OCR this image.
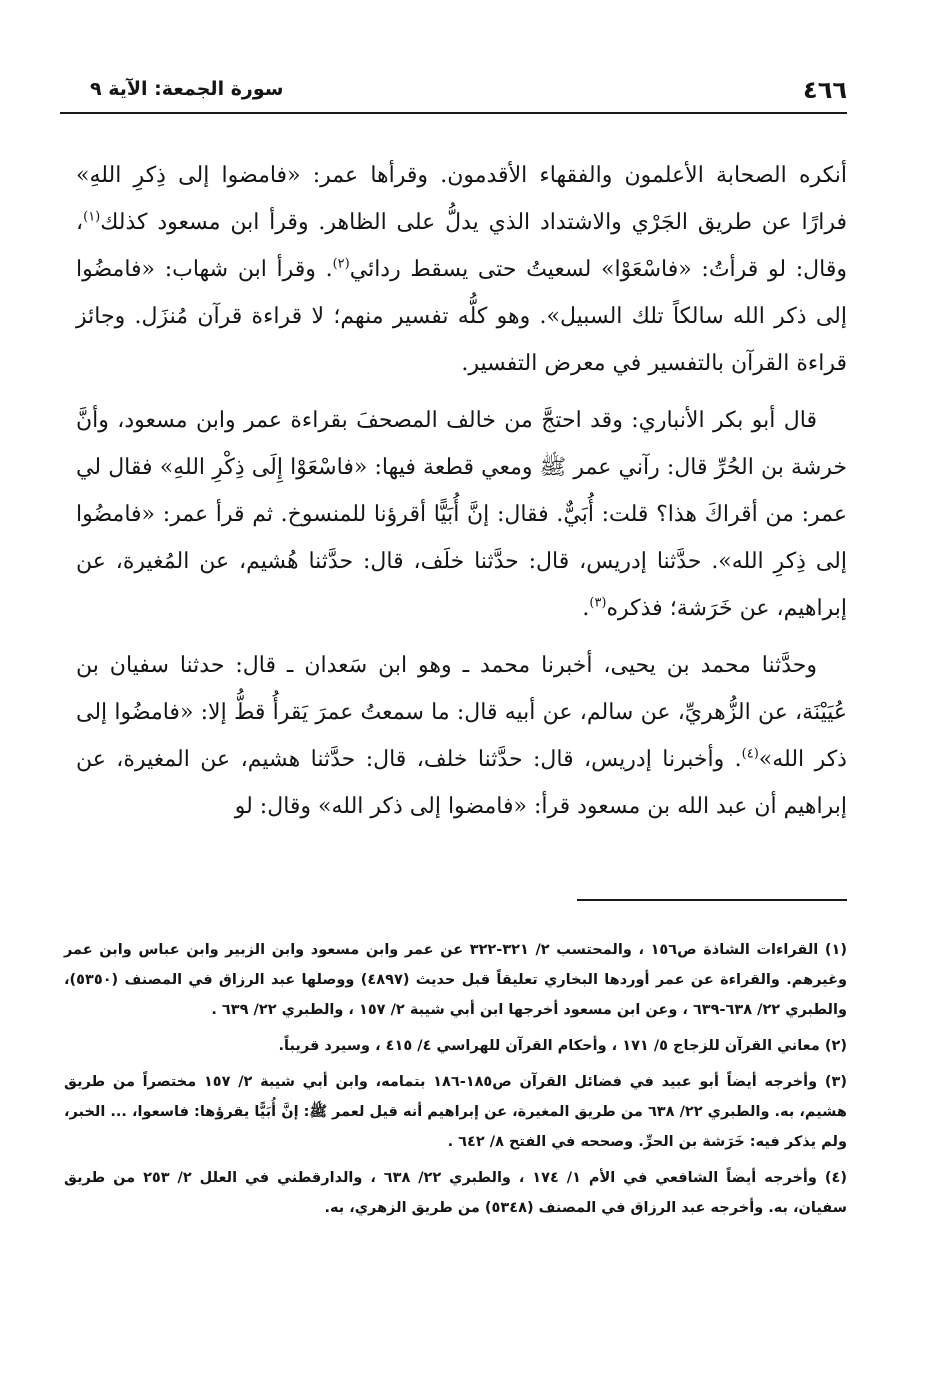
٤٦٦
سورة الجمعة: الآية ٩

أنكره الصحابة الأعلمون والفقهاء الأقدمون. وقرأها عمر: «فامضوا إلى ذِكرِ اللهِ» فرارًا عن طريق الجَرْي والاشتداد الذي يدلُّ على الظاهر. وقرأ ابن مسعود كذلك$^{(١)}$، وقال: لو قرأتُ: «فاسْعَوْا» لسعيتُ حتى يسقط ردائي$^{(٢)}$. وقرأ ابن شهاب: «فامضُوا إلى ذكر الله سالكاً تلك السبيل». وهو كلُّه تفسير منهم؛ لا قراءة قرآن مُنزَل. وجائز قراءة القرآن بالتفسير في معرض التفسير.

قال أبو بكر الأنباري: وقد احتجَّ من خالف المصحفَ بقراءة عمر وابن مسعود، وأنَّ خرشة بن الحُرِّ قال: رآني عمر ﷺ ومعي قطعة فيها: «فاسْعَوْا إِلَى ذِكْرِ اللهِ» فقال لي عمر: من أقراكَ هذا؟ قلت: أُبَيٌّ. فقال: إنَّ أُبَيًّا أقرؤنا للمنسوخ. ثم قرأ عمر: «فامضُوا إلى ذِكرِ الله». حدَّثنا إدريس، قال: حدَّثنا خلَف، قال: حدَّثنا هُشيم، عن المُغيرة، عن إبراهيم، عن خَرَشة؛ فذكره$^{(٣)}$.

وحدَّثنا محمد بن يحيى، أخبرنا محمد ـ وهو ابن سَعدان ـ قال: حدثنا سفيان بن عُيَيْنَة، عن الزُّهريِّ، عن سالم، عن أبيه قال: ما سمعتُ عمرَ يَقرأُ قطُّ إلا: «فامضُوا إلى ذكر الله»$^{(٤)}$. وأخبرنا إدريس، قال: حدَّثنا خلف، قال: حدَّثنا هشيم، عن المغيرة، عن إبراهيم أن عبد الله بن مسعود قرأ: «فامضوا إلى ذكر الله» وقال: لو

(١) القراءات الشاذة ص١٥٦ ، والمحتسب ٢/ ٣٢١-٣٢٢ عن عمر وابن مسعود وابن الزبير وابن عباس وابن عمر وغيرهم. والقراءة عن عمر أوردها البخاري تعليقاً قبل حديث (٤٨٩٧) ووصلها عبد الرزاق في المصنف (٥٣٥٠)، والطبري ٢٢/ ٦٣٨-٦٣٩ ، وعن ابن مسعود أخرجها ابن أبي شيبة ٢/ ١٥٧ ، والطبري ٢٢/ ٦٣٩ .

(٢) معاني القرآن للزجاج ٥/ ١٧١ ، وأحكام القرآن للهراسي ٤/ ٤١٥ ، وسيرد قريباً.

(٣) وأخرجه أيضاً أبو عبيد في فضائل القرآن ص١٨٥-١٨٦ بتمامه، وابن أبي شيبة ٢/ ١٥٧ مختصراً من طريق هشيم، به. والطبري ٢٢/ ٦٣٨ من طريق المغيرة، عن إبراهيم أنه قيل لعمر ﷺ: إنَّ أُبَيًّا يقرؤها: فاسعوا، ... الخبر، ولم يذكر فيه: خَرَشة بن الحرِّ. وصححه في الفتح ٨/ ٦٤٢ .

(٤) وأخرجه أيضاً الشافعي في الأم ١/ ١٧٤ ، والطبري ٢٢/ ٦٣٨ ، والدارقطني في العلل ٢/ ٢٥٣ من طريق سفيان، به. وأخرجه عبد الرزاق في المصنف (٥٣٤٨) من طريق الزهري، به.
